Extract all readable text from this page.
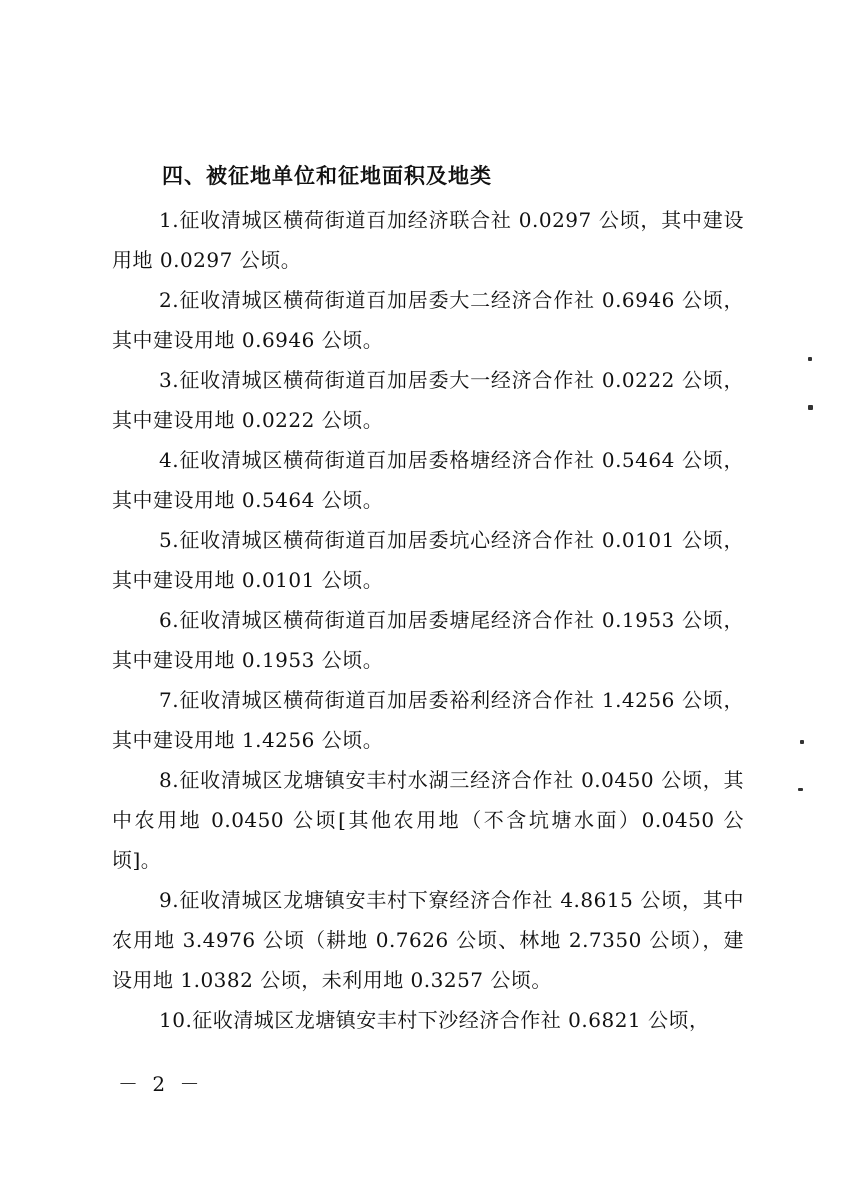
四、被征地单位和征地面积及地类
1.征收清城区横荷街道百加经济联合社 0.0297 公顷，其中建设用地 0.0297 公顷。
2.征收清城区横荷街道百加居委大二经济合作社 0.6946 公顷，其中建设用地 0.6946 公顷。
3.征收清城区横荷街道百加居委大一经济合作社 0.0222 公顷，其中建设用地 0.0222 公顷。
4.征收清城区横荷街道百加居委格塘经济合作社 0.5464 公顷，其中建设用地 0.5464 公顷。
5.征收清城区横荷街道百加居委坑心经济合作社 0.0101 公顷，其中建设用地 0.0101 公顷。
6.征收清城区横荷街道百加居委塘尾经济合作社 0.1953 公顷，其中建设用地 0.1953 公顷。
7.征收清城区横荷街道百加居委裕利经济合作社 1.4256 公顷，其中建设用地 1.4256 公顷。
8.征收清城区龙塘镇安丰村水湖三经济合作社 0.0450 公顷，其中农用地 0.0450 公顷[其他农用地（不含坑塘水面）0.0450 公顷]。
9.征收清城区龙塘镇安丰村下寮经济合作社 4.8615 公顷，其中农用地 3.4976 公顷（耕地 0.7626 公顷、林地 2.7350 公顷），建设用地 1.0382 公顷，未利用地 0.3257 公顷。
10.征收清城区龙塘镇安丰村下沙经济合作社 0.6821 公顷，
－ 2 －
